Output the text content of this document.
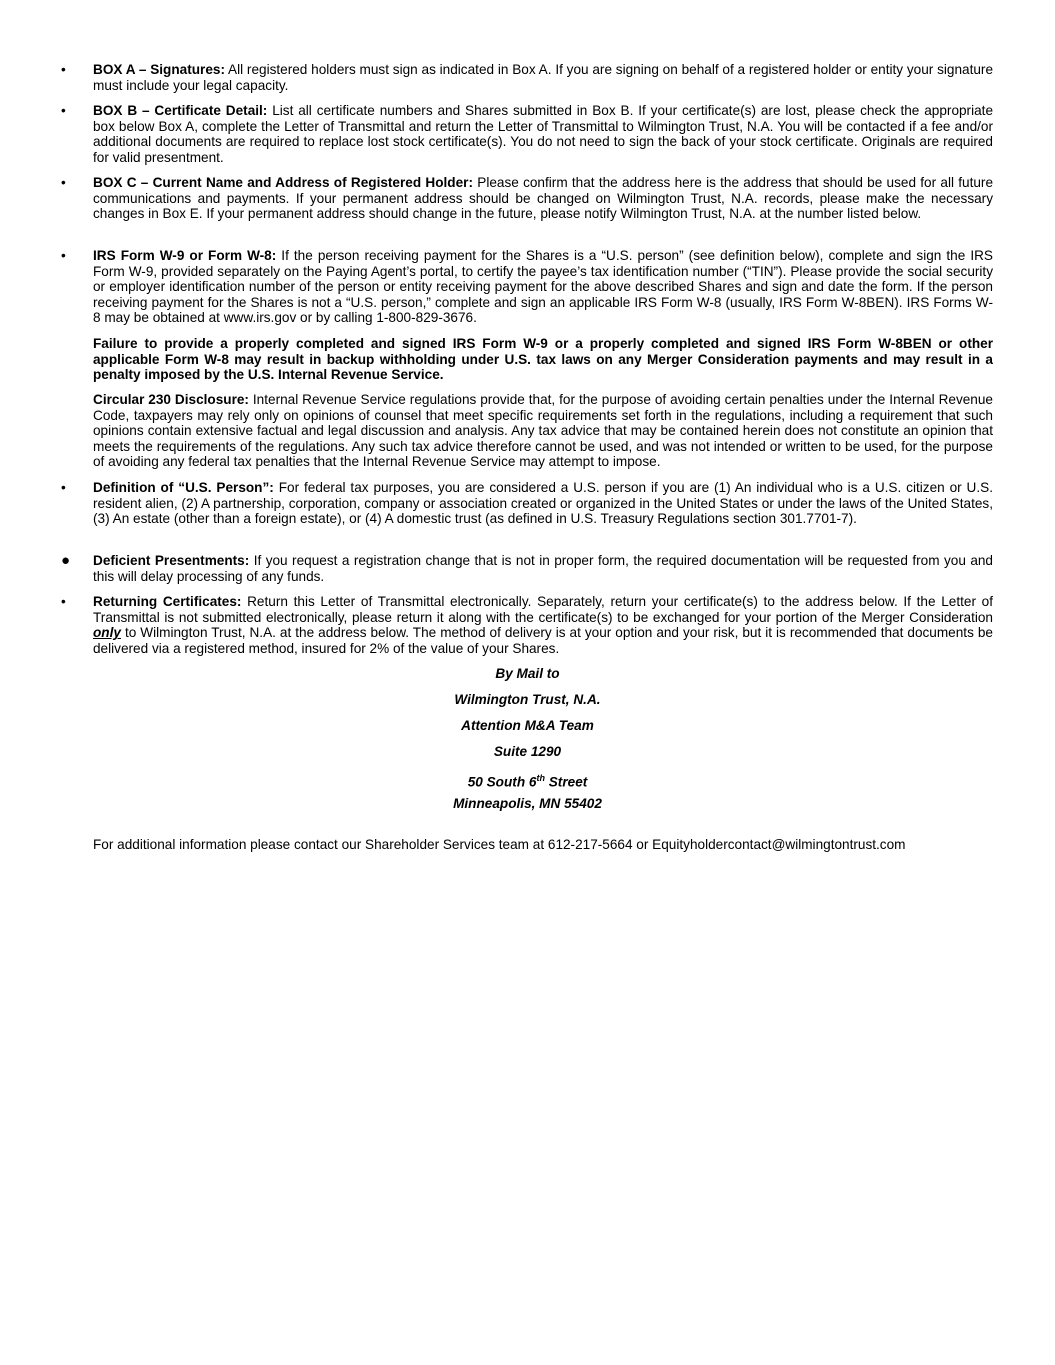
•	BOX A – Signatures: All registered holders must sign as indicated in Box A. If you are signing on behalf of a registered holder or entity your signature must include your legal capacity.
•	BOX B – Certificate Detail: List all certificate numbers and Shares submitted in Box B. If your certificate(s) are lost, please check the appropriate box below Box A, complete the Letter of Transmittal and return the Letter of Transmittal to Wilmington Trust, N.A. You will be contacted if a fee and/or additional documents are required to replace lost stock certificate(s). You do not need to sign the back of your stock certificate. Originals are required for valid presentment.
•	BOX C – Current Name and Address of Registered Holder: Please confirm that the address here is the address that should be used for all future communications and payments. If your permanent address should be changed on Wilmington Trust, N.A. records, please make the necessary changes in Box E. If your permanent address should change in the future, please notify Wilmington Trust, N.A. at the number listed below.
•	IRS Form W-9 or Form W-8: If the person receiving payment for the Shares is a “U.S. person” (see definition below), complete and sign the IRS Form W-9, provided separately on the Paying Agent’s portal, to certify the payee’s tax identification number (“TIN”). Please provide the social security or employer identification number of the person or entity receiving payment for the above described Shares and sign and date the form. If the person receiving payment for the Shares is not a “U.S. person,” complete and sign an applicable IRS Form W-8 (usually, IRS Form W-8BEN). IRS Forms W-8 may be obtained at www.irs.gov or by calling 1-800-829-3676.
Failure to provide a properly completed and signed IRS Form W-9 or a properly completed and signed IRS Form W-8BEN or other applicable Form W-8 may result in backup withholding under U.S. tax laws on any Merger Consideration payments and may result in a penalty imposed by the U.S. Internal Revenue Service.
Circular 230 Disclosure: Internal Revenue Service regulations provide that, for the purpose of avoiding certain penalties under the Internal Revenue Code, taxpayers may rely only on opinions of counsel that meet specific requirements set forth in the regulations, including a requirement that such opinions contain extensive factual and legal discussion and analysis. Any tax advice that may be contained herein does not constitute an opinion that meets the requirements of the regulations. Any such tax advice therefore cannot be used, and was not intended or written to be used, for the purpose of avoiding any federal tax penalties that the Internal Revenue Service may attempt to impose.
•	Definition of “U.S. Person”: For federal tax purposes, you are considered a U.S. person if you are (1) An individual who is a U.S. citizen or U.S. resident alien, (2) A partnership, corporation, company or association created or organized in the United States or under the laws of the United States, (3) An estate (other than a foreign estate), or (4) A domestic trust (as defined in U.S. Treasury Regulations section 301.7701-7).
● Deficient Presentments: If you request a registration change that is not in proper form, the required documentation will be requested from you and this will delay processing of any funds.
•	Returning Certificates: Return this Letter of Transmittal electronically. Separately, return your certificate(s) to the address below. If the Letter of Transmittal is not submitted electronically, please return it along with the certificate(s) to be exchanged for your portion of the Merger Consideration only to Wilmington Trust, N.A. at the address below. The method of delivery is at your option and your risk, but it is recommended that documents be delivered via a registered method, insured for 2% of the value of your Shares.
By Mail to
Wilmington Trust, N.A.
Attention M&A Team
Suite 1290
50 South 6th Street
Minneapolis, MN 55402
For additional information please contact our Shareholder Services team at 612-217-5664 or Equityholdercontact@wilmingtontrust.com
